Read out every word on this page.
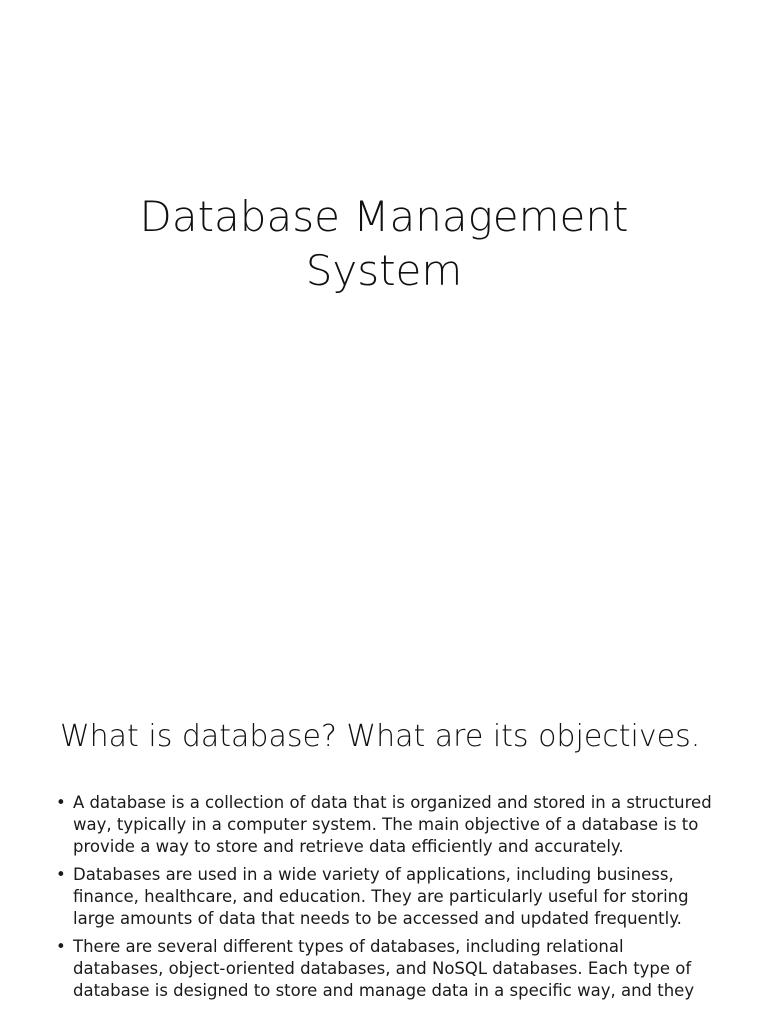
Database Management
System
What is database? What are its objectives.
• A database is a collection of data that is organized and stored in a structured way, typically in a computer system. The main objective of a database is to provide a way to store and retrieve data efficiently and accurately.
• Databases are used in a wide variety of applications, including business, finance, healthcare, and education. They are particularly useful for storing large amounts of data that needs to be accessed and updated frequently.
• There are several different types of databases, including relational databases, object-oriented databases, and NoSQL databases. Each type of database is designed to store and manage data in a specific way, and they
